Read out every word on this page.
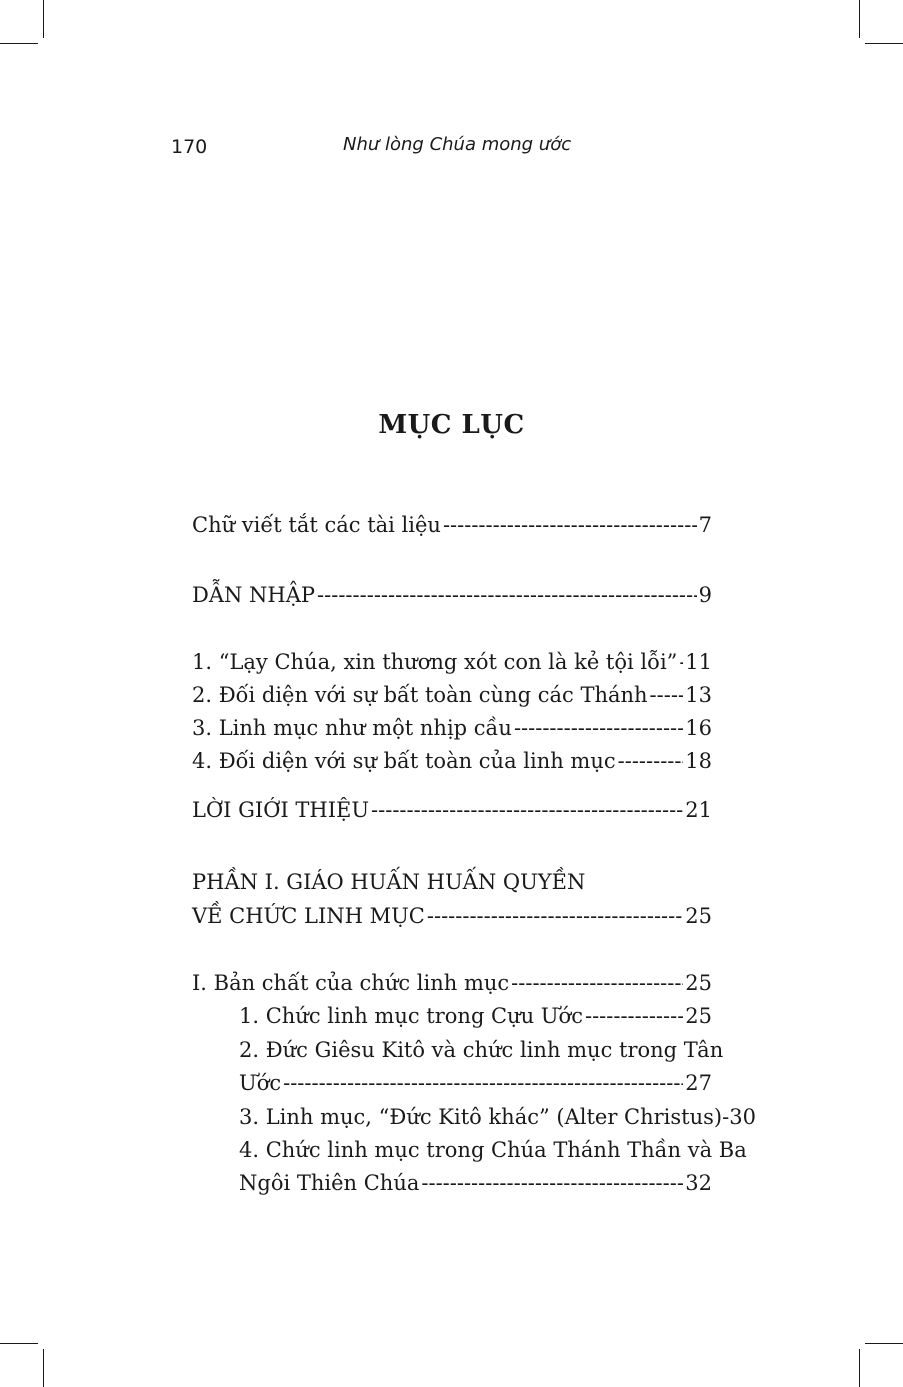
170	Như lòng Chúa mong ước
MỤC LỤC
Chữ viết tắt các tài liệu -----	7
DẪN NHẬP -----	9
1. “Lạy Chúa, xin thương xót con là kẻ tội lỗi” ----- 11
2. Đối diện với sự bất toàn cùng các Thánh ----- 13
3. Linh mục như một nhịp cầu -----	16
4. Đối diện với sự bất toàn của linh mục -----	18
LỜI GIỚI THIỆU -----	21
PHẦN I. GIÁO HUẤN HUẤN QUYỀN
VỀ CHỨC LINH MỤC -----	25
I. Bản chất của chức linh mục -----	25
1. Chức linh mục trong Cựu Ước -----	25
2. Đức Giêsu Kitô và chức linh mục trong Tân
Ước -----	27
3. Linh mục, “Đức Kitô khác” (Alter Christus) -30
4. Chức linh mục trong Chúa Thánh Thần và Ba
Ngôi Thiên Chúa -----	32
